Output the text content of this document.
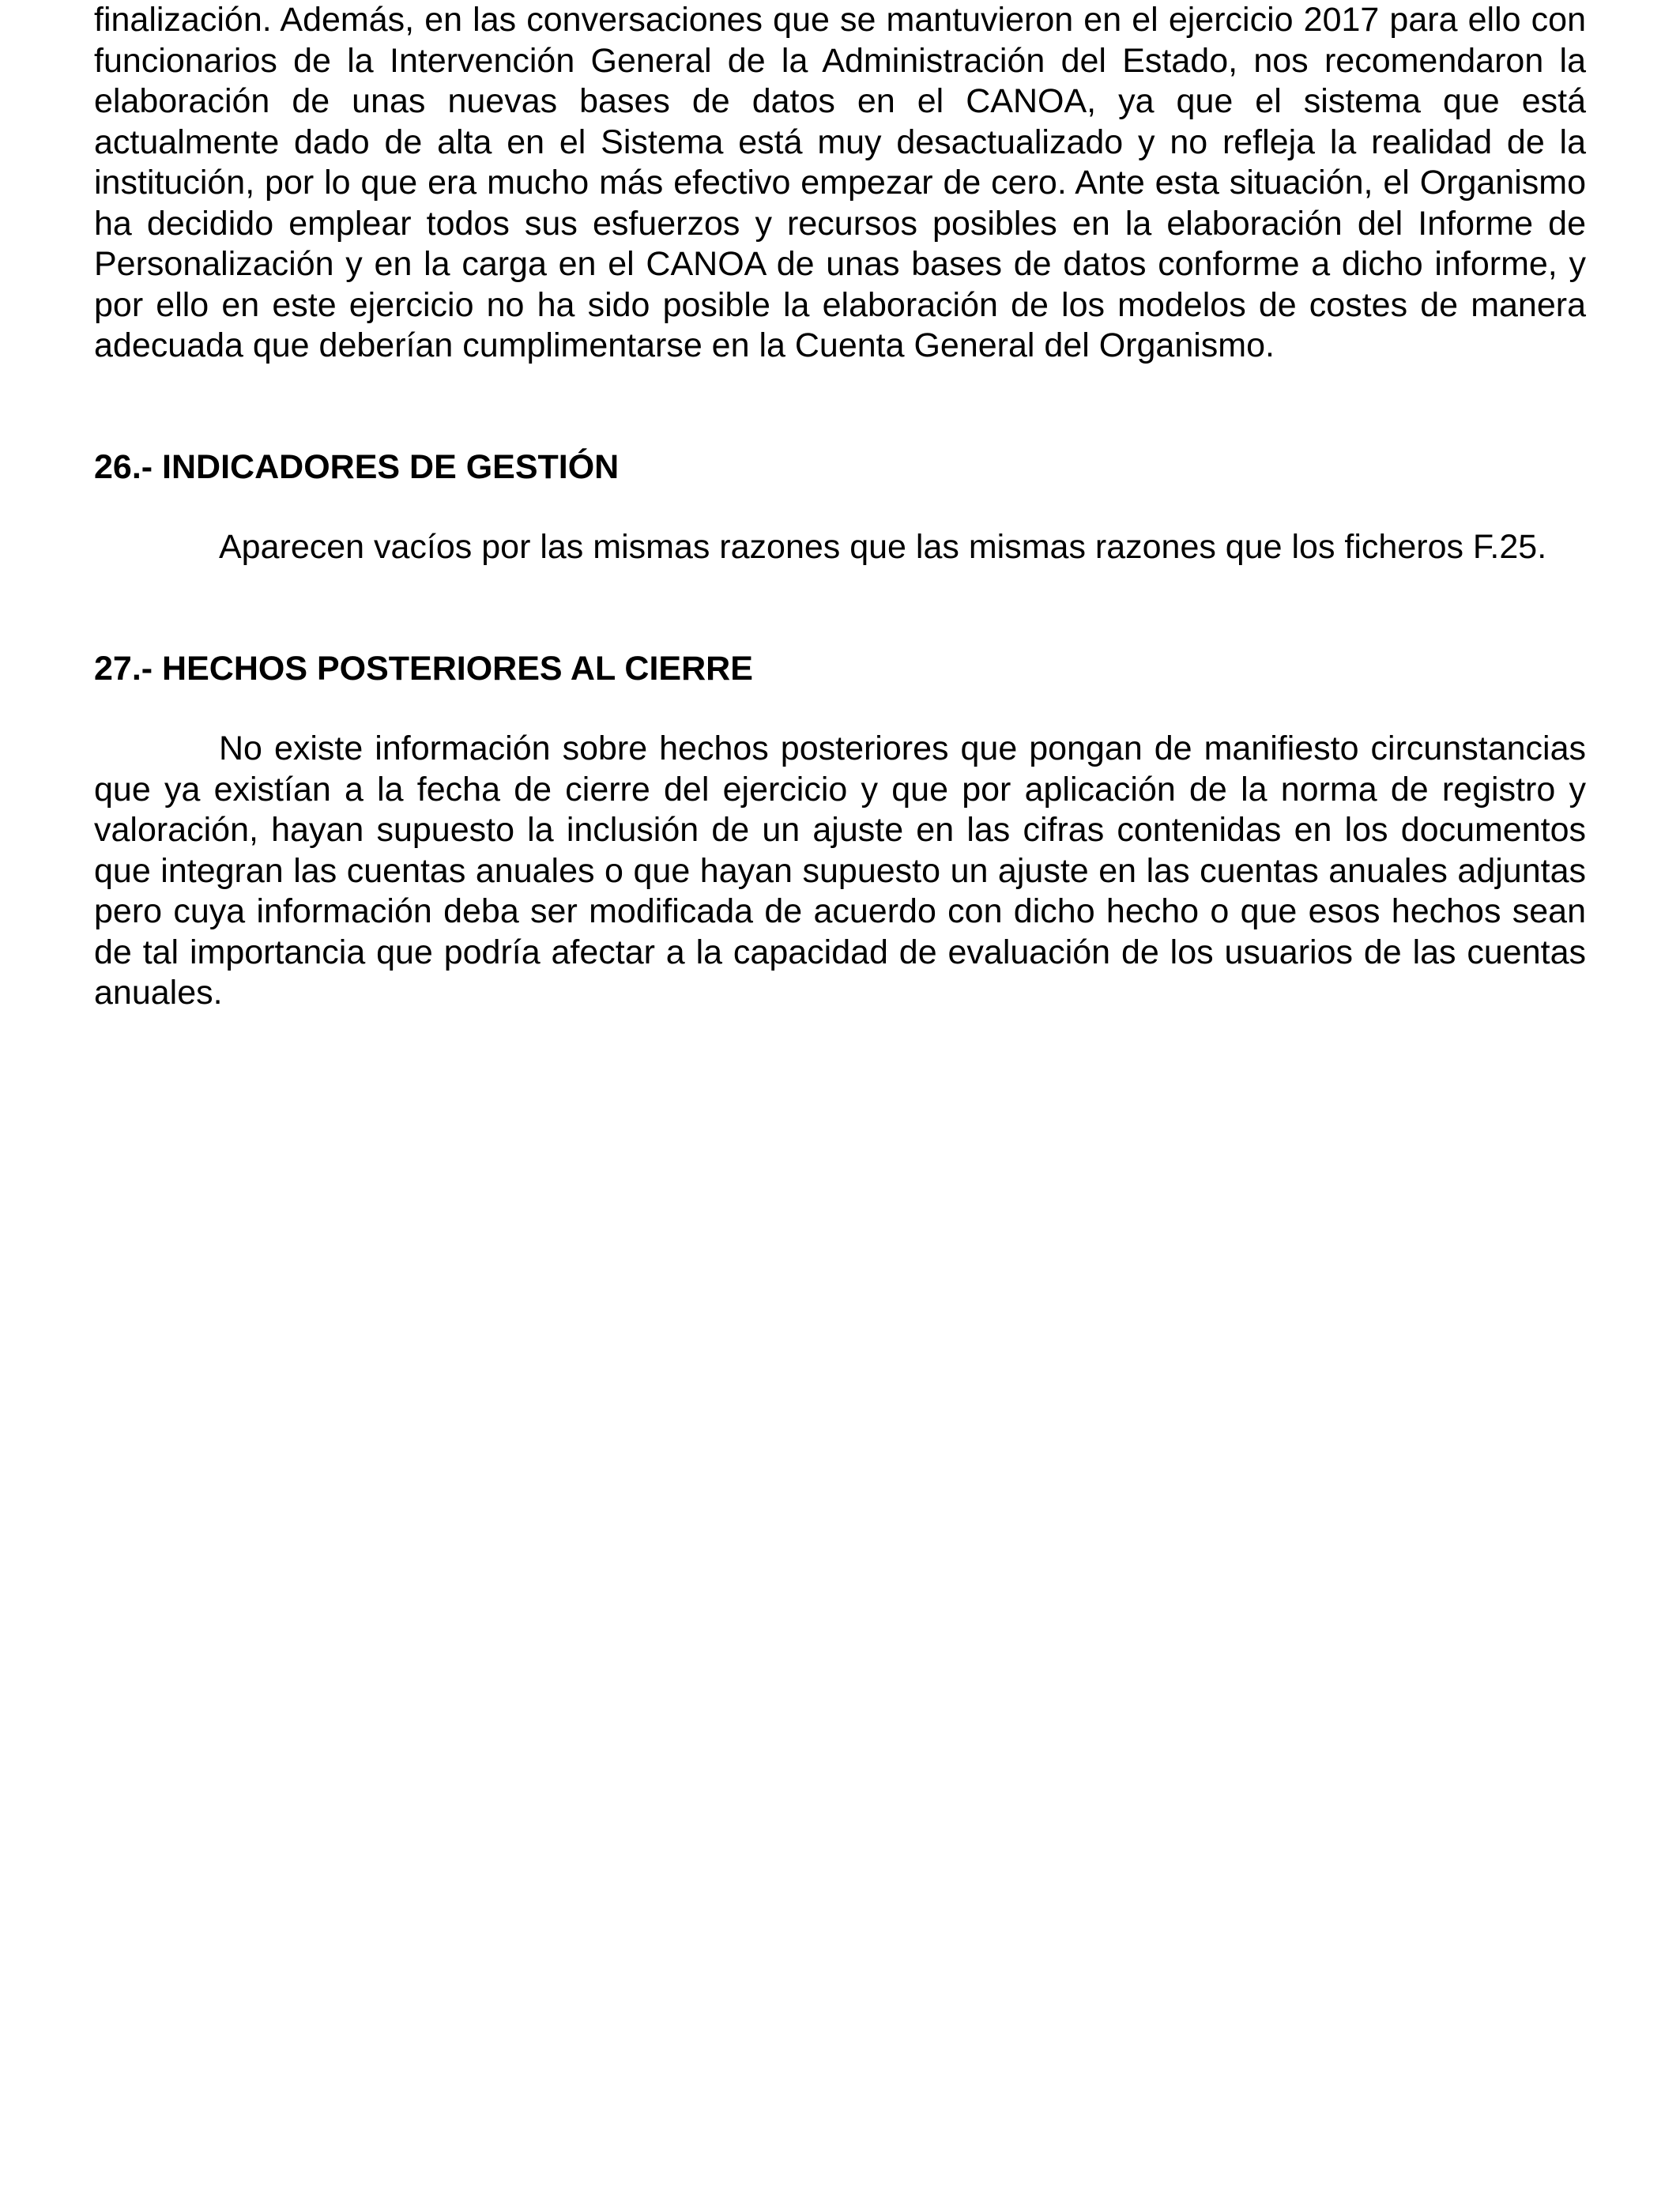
finalización. Además, en las conversaciones que se mantuvieron en el ejercicio 2017 para ello con funcionarios de la Intervención General de la Administración del Estado, nos recomendaron la elaboración de unas nuevas bases de datos en el CANOA, ya que el sistema que está actualmente dado de alta en el Sistema está muy desactualizado y no refleja la realidad de la institución, por lo que era mucho más efectivo empezar de cero. Ante esta situación, el Organismo ha decidido emplear todos sus esfuerzos y recursos posibles en la elaboración del Informe de Personalización y en la carga en el CANOA de unas bases de datos conforme a dicho informe, y por ello en este ejercicio no ha sido posible la elaboración de los modelos de costes de manera adecuada que deberían cumplimentarse en la Cuenta General del Organismo.

26.- INDICADORES DE GESTIÓN

Aparecen vacíos por las mismas razones que las mismas razones que los ficheros F.25.

27.- HECHOS POSTERIORES AL CIERRE

No existe información sobre hechos posteriores que pongan de manifiesto circunstancias que ya existían a la fecha de cierre del ejercicio y que por aplicación de la norma de registro y valoración, hayan supuesto la inclusión de un ajuste en las cifras contenidas en los documentos que integran las cuentas anuales o que hayan supuesto un ajuste en las cuentas anuales adjuntas pero cuya información deba ser modificada de acuerdo con dicho hecho o que esos hechos sean de tal importancia que podría afectar a la capacidad de evaluación de los usuarios de las cuentas anuales.
